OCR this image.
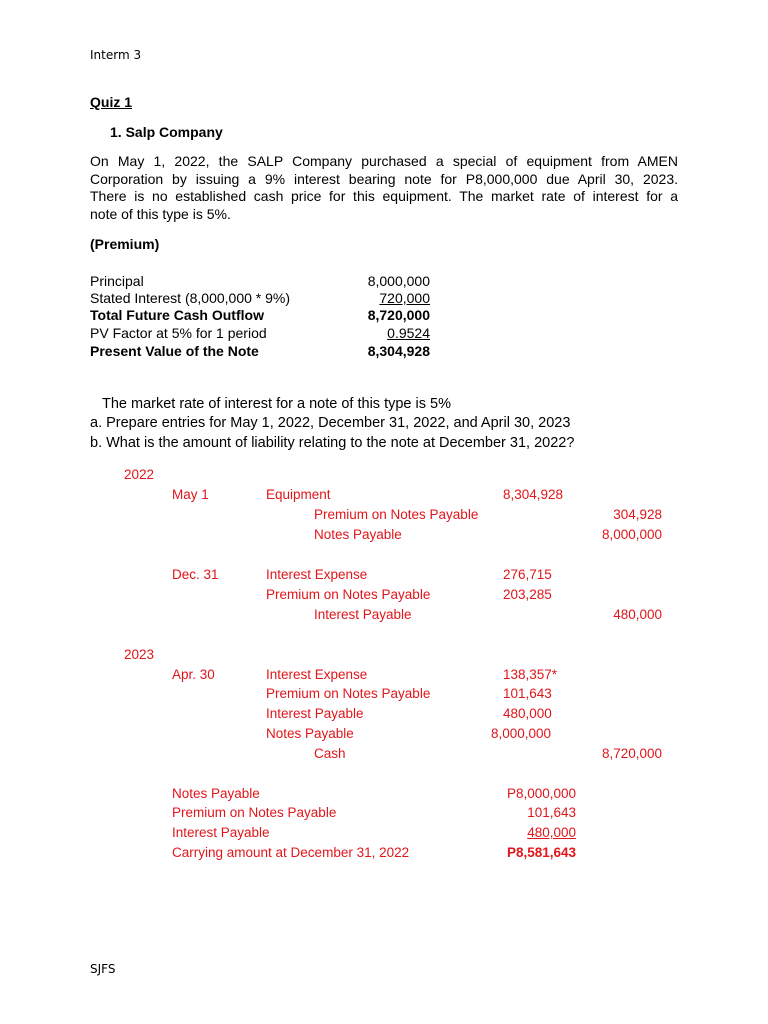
Interm 3
Quiz 1
1. Salp Company
On May 1, 2022, the SALP Company purchased a special of equipment from AMEN
Corporation by issuing a 9% interest bearing note for P8,000,000 due April 30, 2023.
There is no established cash price for this equipment. The market rate of interest for a
note of this type is 5%.
(Premium)
Principal	8,000,000
Stated Interest (8,000,000 * 9%)	720,000
Total Future Cash Outflow	8,720,000
PV Factor at 5% for 1 period	0.9524
Present Value of the Note	8,304,928
The market rate of interest for a note of this type is 5%
a. Prepare entries for May 1, 2022, December 31, 2022, and April 30, 2023
b. What is the amount of liability relating to the note at December 31, 2022?
2022
May 1	Equipment	8,304,928
Premium on Notes Payable	304,928
Notes Payable	8,000,000
Dec. 31	Interest Expense	276,715
Premium on Notes Payable	203,285
Interest Payable	480,000
2023
Apr. 30	Interest Expense	138,357*
Premium on Notes Payable	101,643
Interest Payable	480,000
Notes Payable	8,000,000
Cash	8,720,000
Notes Payable	P8,000,000
Premium on Notes Payable	101,643
Interest Payable	480,000
Carrying amount at December 31, 2022	P8,581,643
SJFS
